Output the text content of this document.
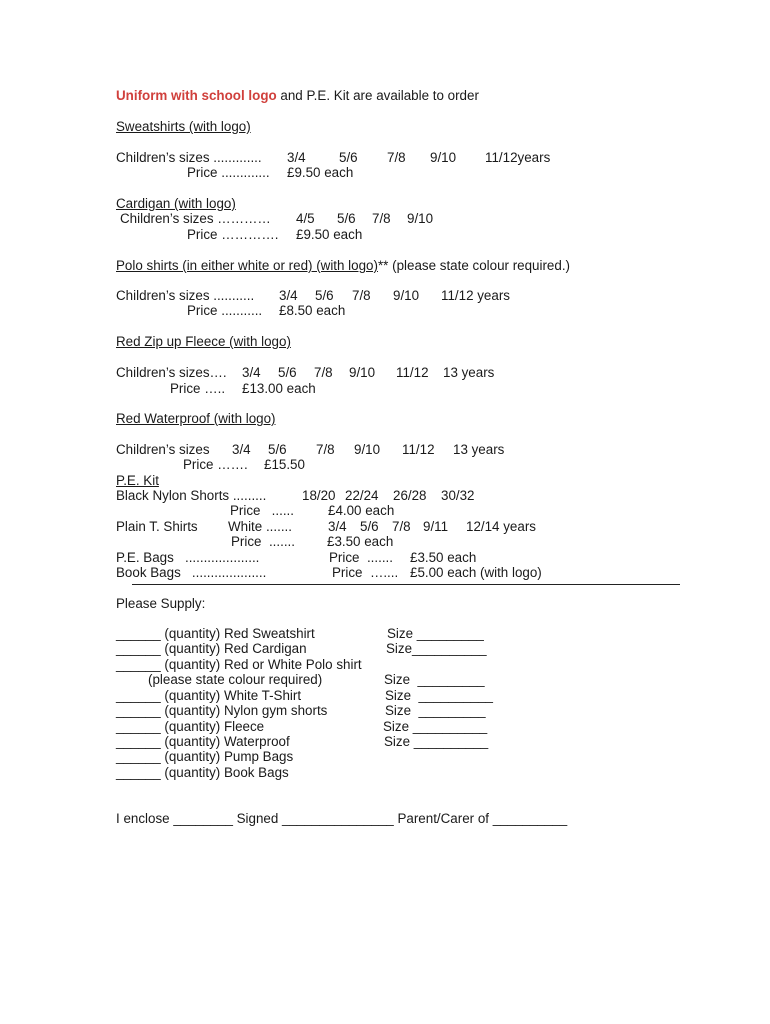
Uniform with school logo and P.E. Kit are available to order
Sweatshirts (with logo)
Children’s sizes ............. 3/4 5/6 7/8 9/10 11/12years
Price ............. £9.50 each
Cardigan (with logo)
Children’s sizes ………… 4/5 5/6 7/8 9/10
Price …………. £9.50 each
Polo shirts (in either white or red) (with logo)** (please state colour required.)
Children’s sizes ........... 3/4 5/6 7/8 9/10 11/12 years
Price ........... £8.50 each
Red Zip up Fleece (with logo)
Children’s sizes…. 3/4 5/6 7/8 9/10 11/12 13 years
Price ….. £13.00 each
Red Waterproof (with logo)
Children’s sizes 3/4 5/6 7/8 9/10 11/12 13 years
Price ……. £15.50
P.E. Kit
Black Nylon Shorts .........	18/20 22/24 26/28 30/32
Price   ......	£4.00 each
Plain T. Shirts White .......	3/4 5/6 7/8 9/11 12/14 years
Price  ....... £3.50 each
P.E. Bags   ....................	Price  ....... £3.50 each
Book Bags   ....................	Price  ….... £5.00 each (with logo)
Please Supply:
______ (quantity) Red Sweatshirt	Size _________
______ (quantity) Red Cardigan	Size__________
______ (quantity) Red or White Polo shirt
(please state colour required)	Size  _________
______ (quantity) White T-Shirt	Size  __________
______ (quantity) Nylon gym shorts	Size  _________
______ (quantity) Fleece	Size __________
______ (quantity) Waterproof	Size __________
______ (quantity) Pump Bags
______ (quantity) Book Bags
I enclose ________ Signed _______________ Parent/Carer of __________
